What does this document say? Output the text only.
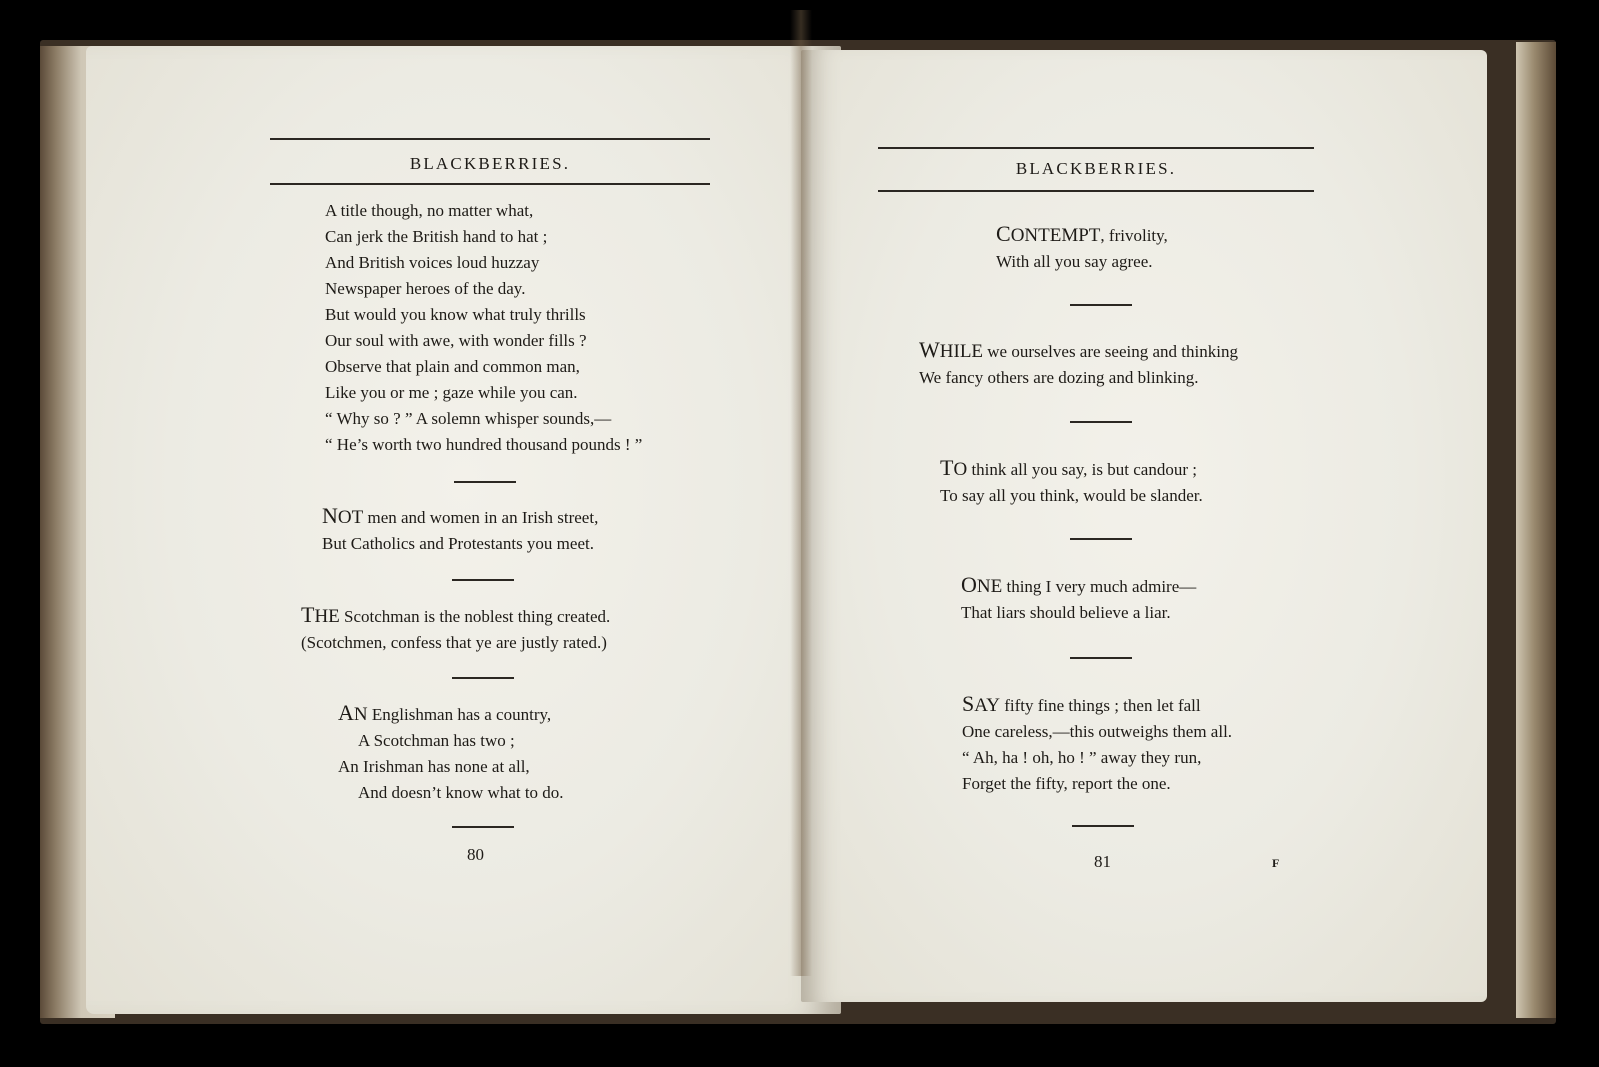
BLACKBERRIES.
A title though, no matter what,
Can jerk the British hand to hat ;
And British voices loud huzzay
Newspaper heroes of the day.
But would you know what truly thrills
Our soul with awe, with wonder fills ?
Observe that plain and common man,
Like you or me ; gaze while you can.
“ Why so ? ” A solemn whisper sounds,—
“ He’s worth two hundred thousand pounds ! ”
NOT men and women in an Irish street,
But Catholics and Protestants you meet.
THE Scotchman is the noblest thing created.
(Scotchmen, confess that ye are justly rated.)
AN Englishman has a country,
A Scotchman has two ;
An Irishman has none at all,
And doesn’t know what to do.
80
BLACKBERRIES.
CONTEMPT, frivolity,
With all you say agree.
WHILE we ourselves are seeing and thinking
We fancy others are dozing and blinking.
TO think all you say, is but candour ;
To say all you think, would be slander.
ONE thing I very much admire—
That liars should believe a liar.
SAY fifty fine things ; then let fall
One careless,—this outweighs them all.
“ Ah, ha ! oh, ho ! ” away they run,
Forget the fifty, report the one.
81	F
